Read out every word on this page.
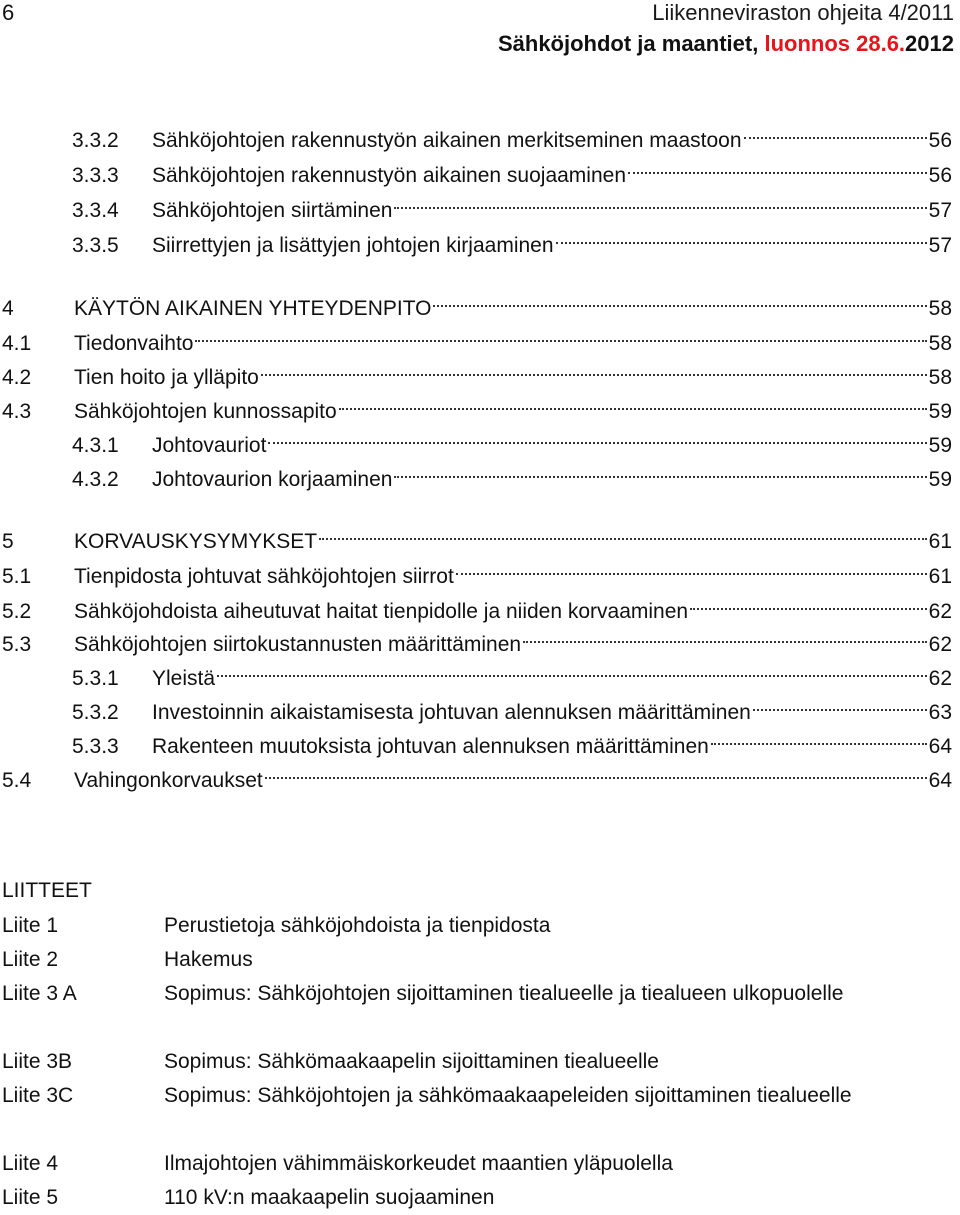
6	Liikenneviraston ohjeita 4/2011
Sähköjohdot ja maantiet, luonnos 28.6.2012
3.3.2	Sähköjohtojen rakennustyön aikainen merkitseminen maastoon	56
3.3.3	Sähköjohtojen rakennustyön aikainen suojaaminen	56
3.3.4	Sähköjohtojen siirtäminen	57
3.3.5	Siirrettyjen ja lisättyjen johtojen kirjaaminen	57
4	KÄYTÖN AIKAINEN YHTEYDENPITO	58
4.1	Tiedonvaihto	58
4.2	Tien hoito ja ylläpito	58
4.3	Sähköjohtojen kunnossapito	59
4.3.1	Johtovauriot	59
4.3.2	Johtovaurion korjaaminen	59
5	KORVAUSKYSYMYKSET	61
5.1	Tienpidosta johtuvat sähköjohtojen siirrot	61
5.2	Sähköjohdoista aiheutuvat haitat tienpidolle ja niiden korvaaminen	62
5.3	Sähköjohtojen siirtokustannusten määrittäminen	62
5.3.1	Yleistä	62
5.3.2	Investoinnin aikaistamisesta johtuvan alennuksen määrittäminen	63
5.3.3	Rakenteen muutoksista johtuvan alennuksen määrittäminen	64
5.4	Vahingonkorvaukset	64
LIITTEET
Liite 1	Perustietoja sähköjohdoista ja tienpidosta
Liite 2	Hakemus
Liite 3 A	Sopimus: Sähköjohtojen sijoittaminen tiealueelle ja tiealueen ulkopuolelle
Liite 3B	Sopimus: Sähkömaakaapelin sijoittaminen tiealueelle
Liite 3C	Sopimus: Sähköjohtojen ja sähkömaakaapeleiden sijoittaminen tiealueelle
Liite 4	Ilmajohtojen vähimmäiskorkeudet maantien yläpuolella
Liite 5	110 kV:n maakaapelin suojaaminen
